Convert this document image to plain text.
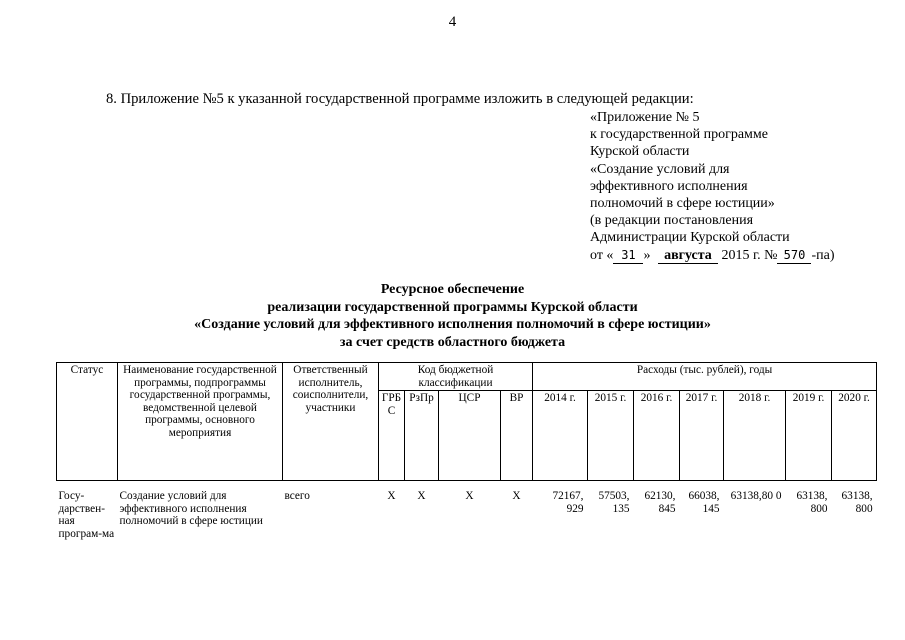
4
8. Приложение №5 к указанной государственной программе изложить в следующей редакции:
«Приложение № 5
к государственной программе
Курской области
«Создание условий для
эффективного исполнения
полномочий в сфере юстиции»
(в редакции постановления
Администрации Курской области
от « 31 » августа 2015 г. № 570 -па)
Ресурсное обеспечение
реализации государственной программы Курской области
«Создание условий для эффективного исполнения полномочий в сфере юстиции»
за счет средств областного бюджета
Статус	Наименование государственной программы, подпрограммы государственной программы, ведомственной целевой программы, основного мероприятия	Ответственный исполнитель, соисполнители, участники	Код бюджетной классификации				Расходы (тыс. рублей), годы						
			ГРБ С	РзПр	ЦСР	ВР	2014 г.	2015 г.	2016 г.	2017 г.	2018 г.	2019 г.	2020 г.

Госу-дарствен-ная програм-ма	Создание условий для эффективного исполнения полномочий в сфере юстиции	всего	Х	Х	Х	Х	72167, 929	57503, 135	62130, 845	66038, 145	63138,80 0	63138, 800	63138, 800
